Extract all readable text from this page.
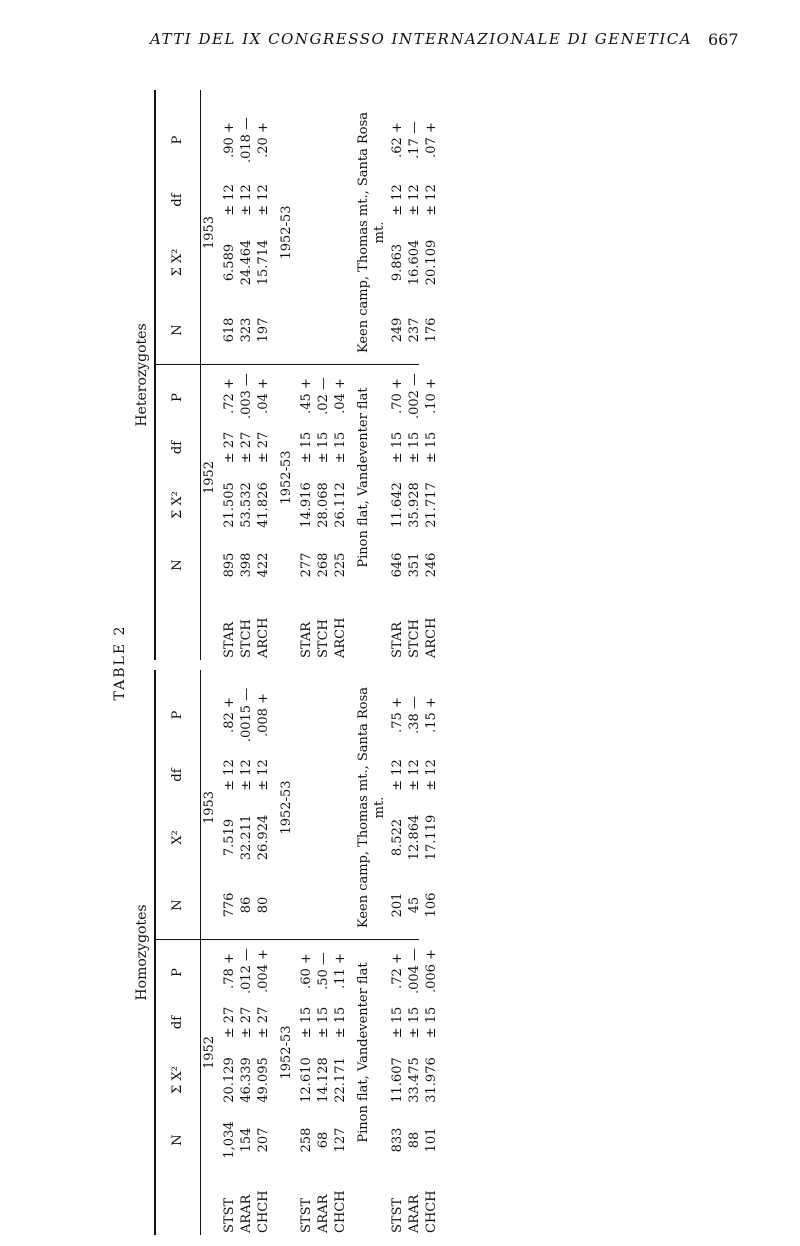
ATTI DEL IX CONGRESSO INTERNAZIONALE DI GENETICA 667
TABLE 2
Homozygotes
N
Σ X²
df
P
N
X²
df
P
1952
1953
STST
1,034
20.129
± 27
.78 +
776
7.519
± 12
.82 +
ARAR
154
46.339
± 27
.012 —
86
32.211
± 12
.0015 —
CHCH
207
49.095
± 27
.004 +
80
26.924
± 12
.008 +
1952-53
1952-53
STST
258
12.610
± 15
.60 +
ARAR
68
14.128
± 15
.50 —
CHCH
127
22.171
± 15
.11 + Pinon flat, Vandeventer flat
Keen camp, Thomas mt., Santa Rosa mt.
STST
833
11.607
± 15
.72 +
201
8.522
± 12
.75 +
ARAR
88
33.475
± 15
.004 —
45
12.864
± 12
.38 —
CHCH
101
31.976
± 15
.006 +
106
17.119
± 12
.15 +
Heterozygotes
N
Σ X²
df
P
N
Σ X²
df
P
1952
1953
STAR
895
21.505
± 27
.72 +
618
6.589
± 12
.90 +
STCH
398
53.532
± 27
.003 —
323
24.464
± 12
.018 —
ARCH
422
41.826
± 27
.04 +
197
15.714
± 12
.20 +
1952-53
1952-53
STAR
277
14.916
± 15
.45 +
STCH
268
28.068
± 15
.02 —
ARCH
225
26.112
± 15
.04 + Pinon flat, Vandeventer flat
Keen camp, Thomas mt., Santa Rosa mt.
STAR
646
11.642
± 15
.70 +
249
9.863
± 12
.62 +
STCH
351
35.928
± 15
.002 —
237
16.604
± 12
.17 —
ARCH
246
21.717
± 15
.10 +
176
20.109
± 12
.07 +
